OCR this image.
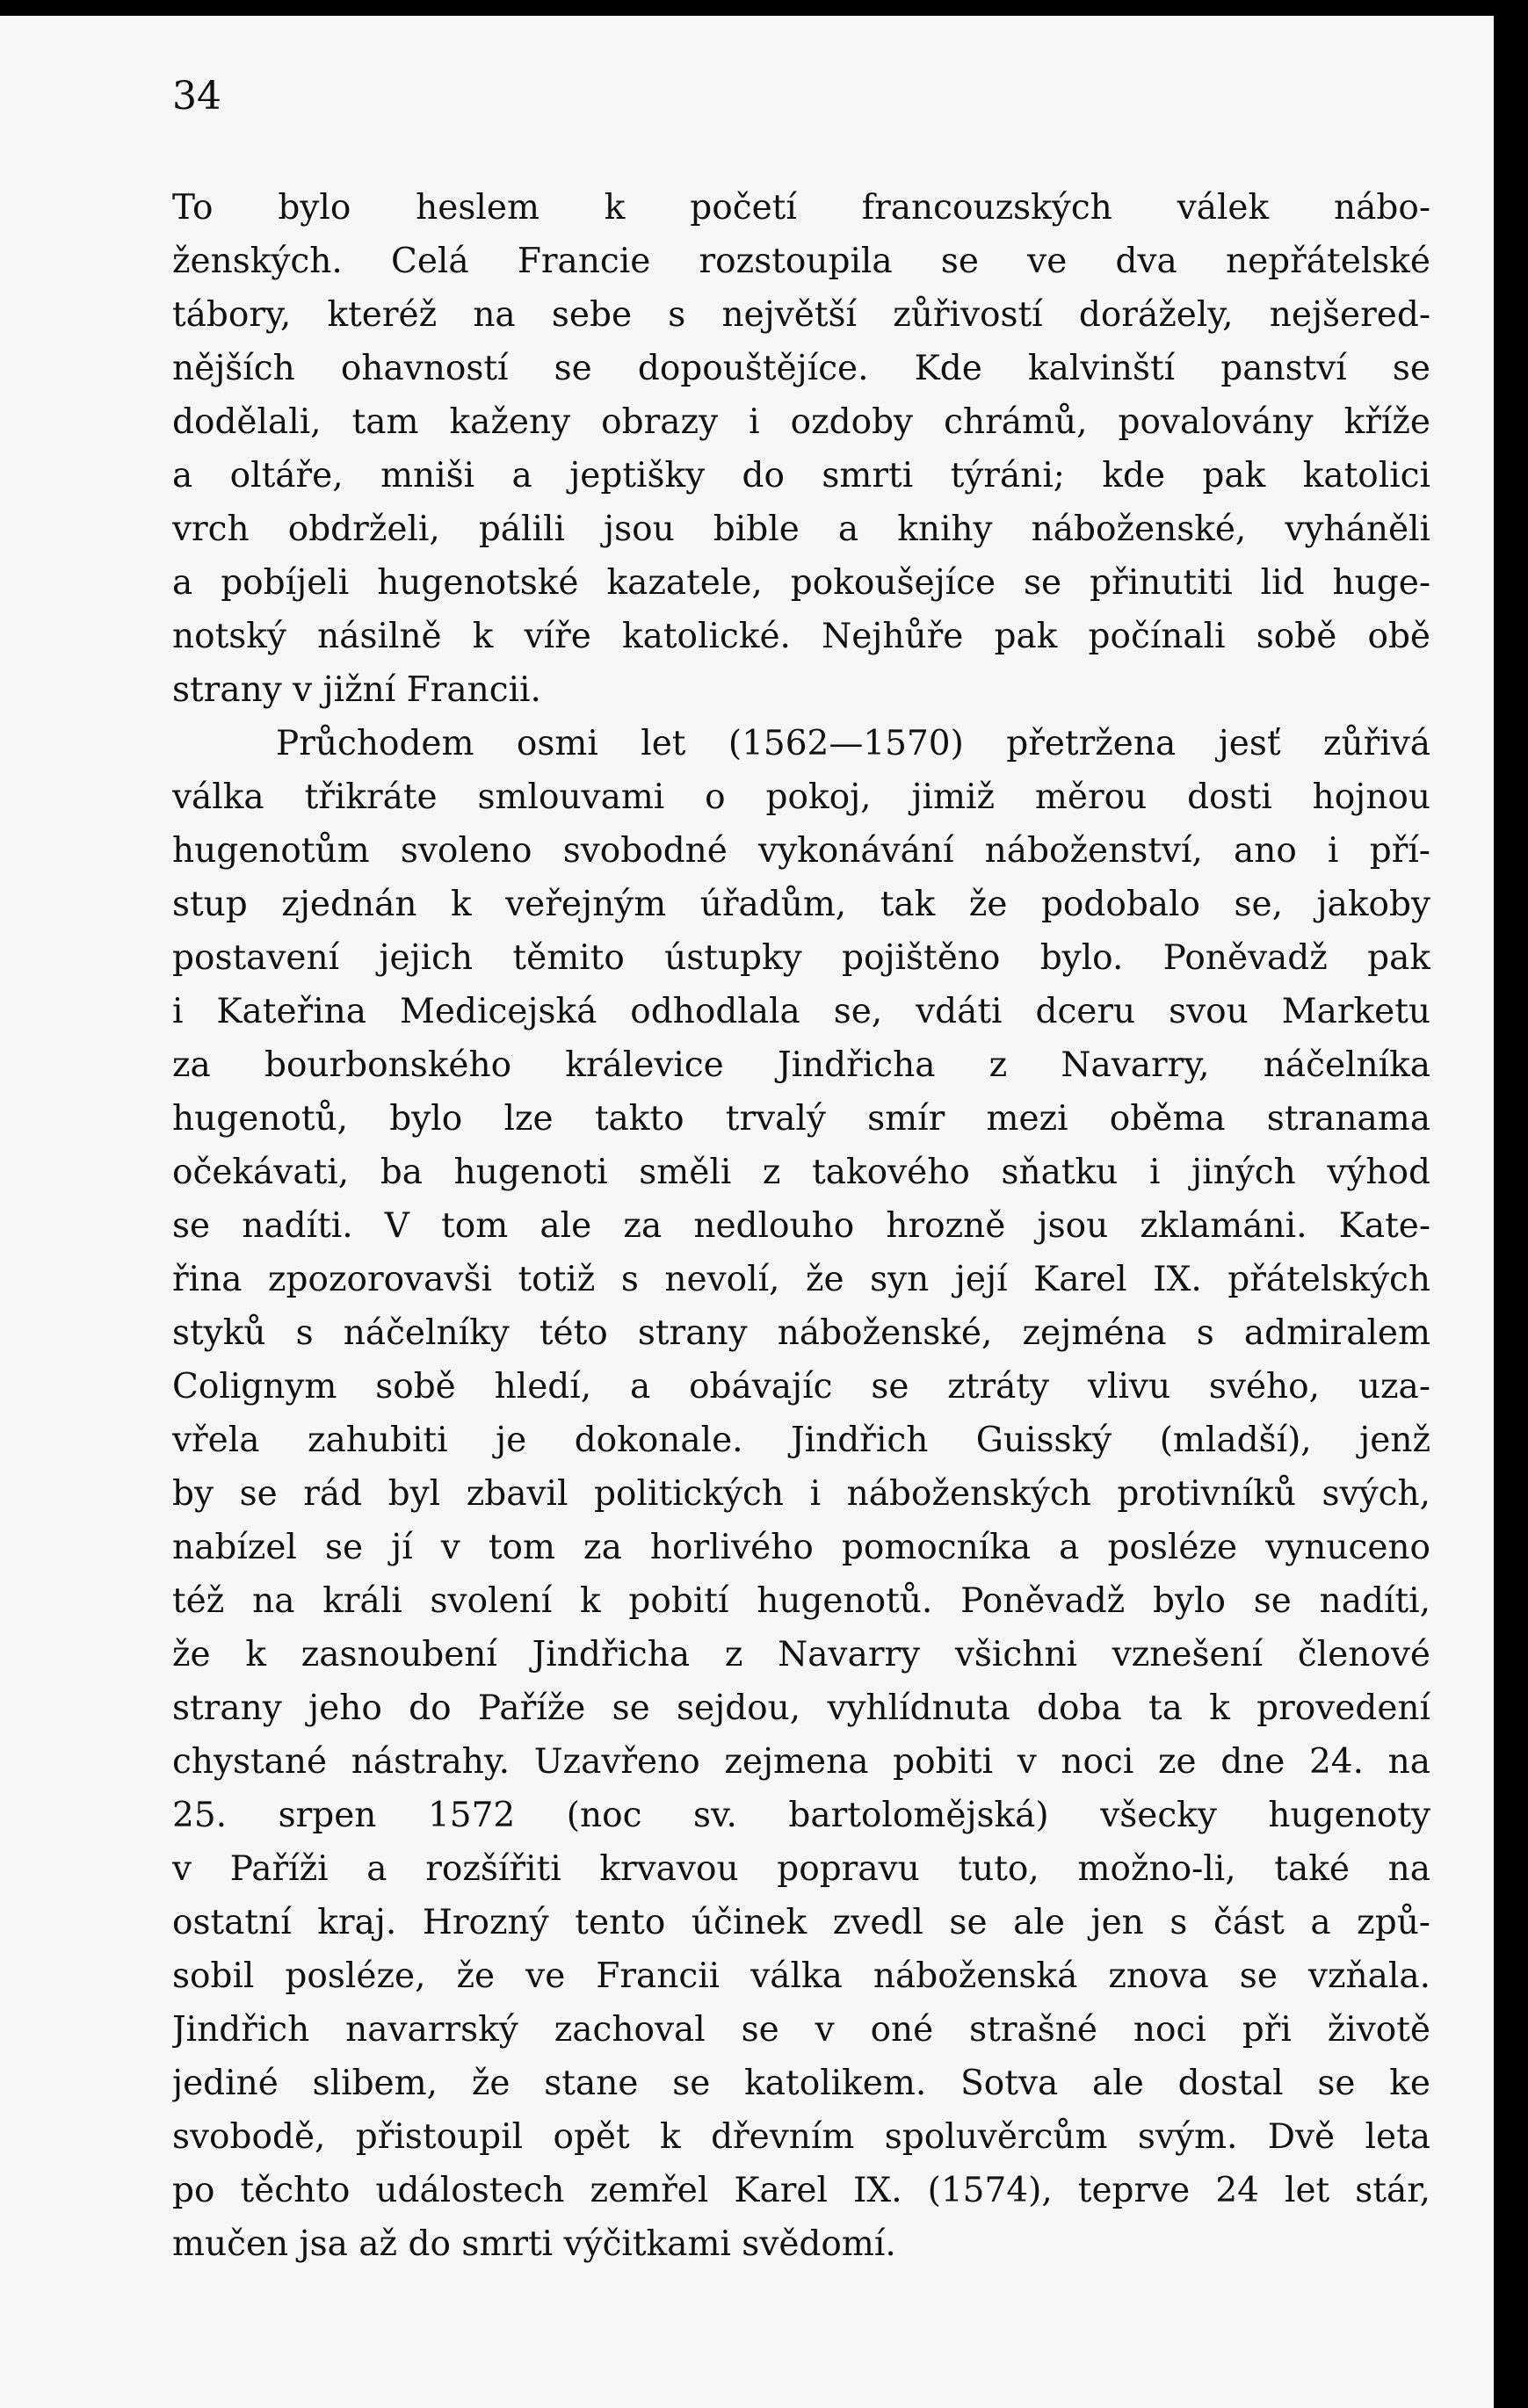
34
To bylo heslem k početí francouzských válek nábo-
ženských. Celá Francie rozstoupila se ve dva nepřátelské
tábory, kteréž na sebe s největší zůřivostí dorážely, nejšered-
nějších ohavností se dopouštějíce. Kde kalvinští panství se
dodělali, tam kaženy obrazy i ozdoby chrámů, povalovány kříže
a oltáře, mniši a jeptišky do smrti týráni; kde pak katolici
vrch obdrželi, pálili jsou bible a knihy náboženské, vyháněli
a pobíjeli hugenotské kazatele, pokoušejíce se přinutiti lid huge-
notský násilně k víře katolické. Nejhůře pak počínali sobě obě
strany v jižní Francii.
Průchodem osmi let (1562—1570) přetržena jesť zůřivá
válka třikráte smlouvami o pokoj, jimiž měrou dosti hojnou
hugenotům svoleno svobodné vykonávání náboženství, ano i pří-
stup zjednán k veřejným úřadům, tak že podobalo se, jakoby
postavení jejich těmito ústupky pojištěno bylo. Poněvadž pak
i Kateřina Medicejská odhodlala se, vdáti dceru svou Marketu
za bourbonského králevice Jindřicha z Navarry, náčelníka
hugenotů, bylo lze takto trvalý smír mezi oběma stranama
očekávati, ba hugenoti směli z takového sňatku i jiných výhod
se nadíti. V tom ale za nedlouho hrozně jsou zklamáni. Kate-
řina zpozorovavši totiž s nevolí, že syn její Karel IX. přátelských
styků s náčelníky této strany náboženské, zejména s admiralem
Colignym sobě hledí, a obávajíc se ztráty vlivu svého, uza-
vřela zahubiti je dokonale. Jindřich Guisský (mladší), jenž
by se rád byl zbavil politických i náboženských protivníků svých,
nabízel se jí v tom za horlivého pomocníka a posléze vynuceno
též na králi svolení k pobití hugenotů. Poněvadž bylo se nadíti,
že k zasnoubení Jindřicha z Navarry všichni vznešení členové
strany jeho do Paříže se sejdou, vyhlídnuta doba ta k provedení
chystané nástrahy. Uzavřeno zejmena pobiti v noci ze dne 24. na
25. srpen 1572 (noc sv. bartolomějská) všecky hugenoty
v Paříži a rozšířiti krvavou popravu tuto, možno-li, také na
ostatní kraj. Hrozný tento účinek zvedl se ale jen s část a způ-
sobil posléze, že ve Francii válka náboženská znova se vzňala.
Jindřich navarrský zachoval se v oné strašné noci při životě
jediné slibem, že stane se katolikem. Sotva ale dostal se ke
svobodě, přistoupil opět k dřevním spoluvěrcům svým. Dvě leta
po těchto událostech zemřel Karel IX. (1574), teprve 24 let stár,
mučen jsa až do smrti výčitkami svědomí.
